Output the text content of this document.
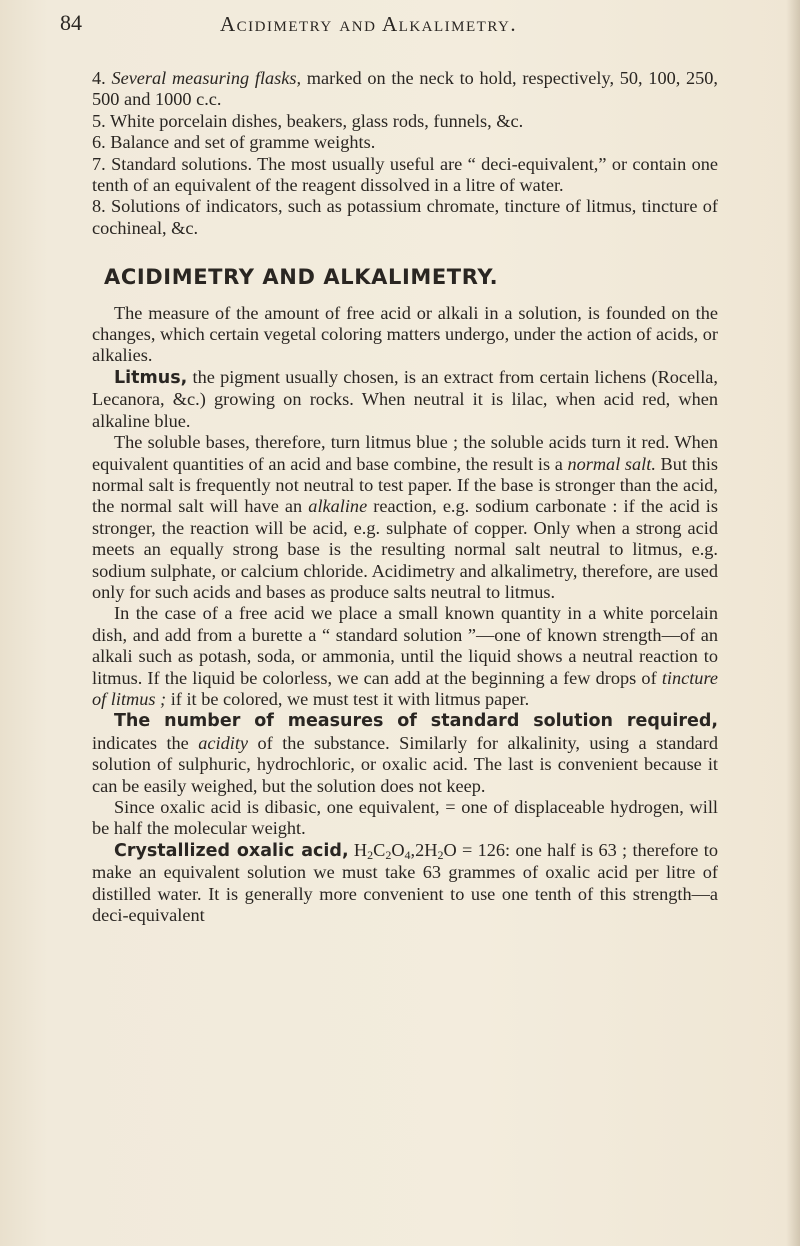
84	Acidimetry and Alkalimetry.

4. Several measuring flasks, marked on the neck to hold, respectively, 50, 100, 250, 500 and 1000 c.c.

5. White porcelain dishes, beakers, glass rods, funnels, &c.

6. Balance and set of gramme weights.

7. Standard solutions. The most usually useful are “ deci-equivalent,” or contain one tenth of an equivalent of the reagent dissolved in a litre of water.

8. Solutions of indicators, such as potassium chromate, tincture of litmus, tincture of cochineal, &c.

ACIDIMETRY AND ALKALIMETRY.

The measure of the amount of free acid or alkali in a solution, is founded on the changes, which certain vegetal coloring matters undergo, under the action of acids, or alkalies.

Litmus, the pigment usually chosen, is an extract from certain lichens (Rocella, Lecanora, &c.) growing on rocks. When neutral it is lilac, when acid red, when alkaline blue.

The soluble bases, therefore, turn litmus blue ; the soluble acids turn it red. When equivalent quantities of an acid and base combine, the result is a normal salt. But this normal salt is frequently not neutral to test paper. If the base is stronger than the acid, the normal salt will have an alkaline reaction, e.g. sodium carbonate : if the acid is stronger, the reaction will be acid, e.g. sulphate of copper. Only when a strong acid meets an equally strong base is the resulting normal salt neutral to litmus, e.g. sodium sulphate, or calcium chloride. Acidimetry and alkalimetry, therefore, are used only for such acids and bases as produce salts neutral to litmus.

In the case of a free acid we place a small known quantity in a white porcelain dish, and add from a burette a “ standard solution ”—one of known strength—of an alkali such as potash, soda, or ammonia, until the liquid shows a neutral reaction to litmus. If the liquid be colorless, we can add at the beginning a few drops of tincture of litmus ; if it be colored, we must test it with litmus paper.

The number of measures of standard solution required, indicates the acidity of the substance. Similarly for alkalinity, using a standard solution of sulphuric, hydrochloric, or oxalic acid. The last is convenient because it can be easily weighed, but the solution does not keep.

Since oxalic acid is dibasic, one equivalent, = one of displaceable hydrogen, will be half the molecular weight.

Crystallized oxalic acid, $H_2C_2O_4,2H_2O = 126$: one half is 63 ; therefore to make an equivalent solution we must take 63 grammes of oxalic acid per litre of distilled water. It is generally more convenient to use one tenth of this strength—a deci-equivalent
